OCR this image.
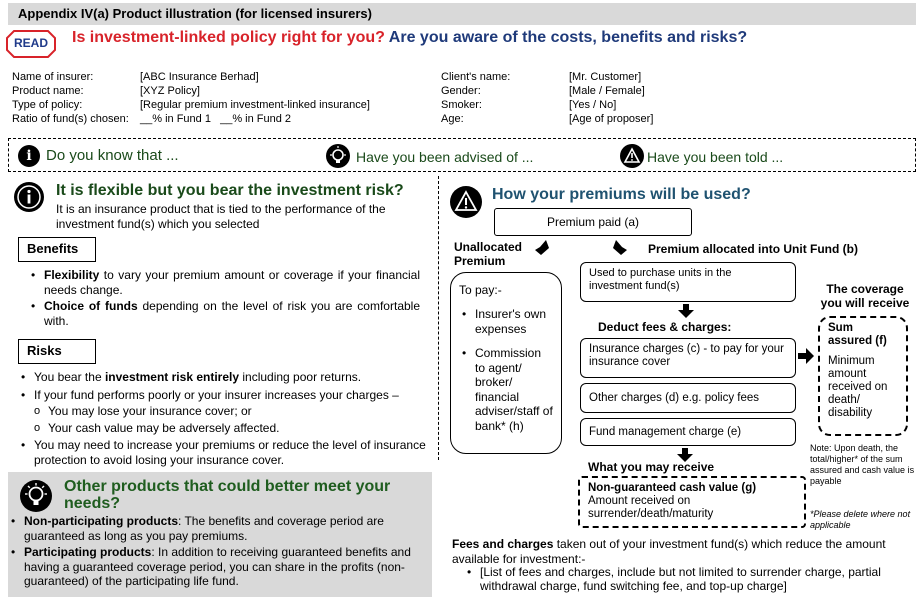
Appendix IV(a) Product illustration (for licensed insurers)
READ	Is investment-linked policy right for you? Are you aware of the costs, benefits and risks?
Name of insurer:	[ABC Insurance Berhad]
Product name:	[XYZ Policy]
Type of policy:	[Regular premium investment-linked insurance]
Ratio of fund(s) chosen: __% in Fund 1   __% in Fund 2
Client's name:	[Mr. Customer]
Gender:	[Male / Female]
Smoker:	[Yes / No]
Age:	[Age of proposer]
i Do you know that ...	Have you been advised of ...	Have you been told ...
It is flexible but you bear the investment risk?
It is an insurance product that is tied to the performance of the investment fund(s) which you selected
Benefits
• Flexibility to vary your premium amount or coverage if your financial needs change.
• Choice of funds depending on the level of risk you are comfortable with.
Risks
• You bear the investment risk entirely including poor returns.
• If your fund performs poorly or your insurer increases your charges –
o You may lose your insurance cover; or
o Your cash value may be adversely affected.
• You may need to increase your premiums or reduce the level of insurance protection to avoid losing your insurance cover.
Other products that could better meet your needs?
• Non-participating products: The benefits and coverage period are guaranteed as long as you pay premiums.
• Participating products: In addition to receiving guaranteed benefits and having a guaranteed coverage period, you can share in the profits (non-guaranteed) of the participating life fund.
How your premiums will be used?
Premium paid (a)
Unallocated Premium
Premium allocated into Unit Fund (b)
To pay:-
• Insurer's own expenses
• Commission to agent/ broker/ financial adviser/staff of bank* (h)
Used to purchase units in the investment fund(s)
Deduct fees & charges:
Insurance charges (c) - to pay for your insurance cover
Other charges (d) e.g. policy fees
Fund management charge (e)
What you may receive
Non-guaranteed cash value (g)
Amount received on surrender/death/maturity
The coverage you will receive
Sum assured (f)
Minimum amount received on death/ disability
Note: Upon death, the total/higher* of the sum assured and cash value is payable
*Please delete where not applicable
Fees and charges taken out of your investment fund(s) which reduce the amount available for investment:-
• [List of fees and charges, include but not limited to surrender charge, partial withdrawal charge, fund switching fee, and top-up charge]
